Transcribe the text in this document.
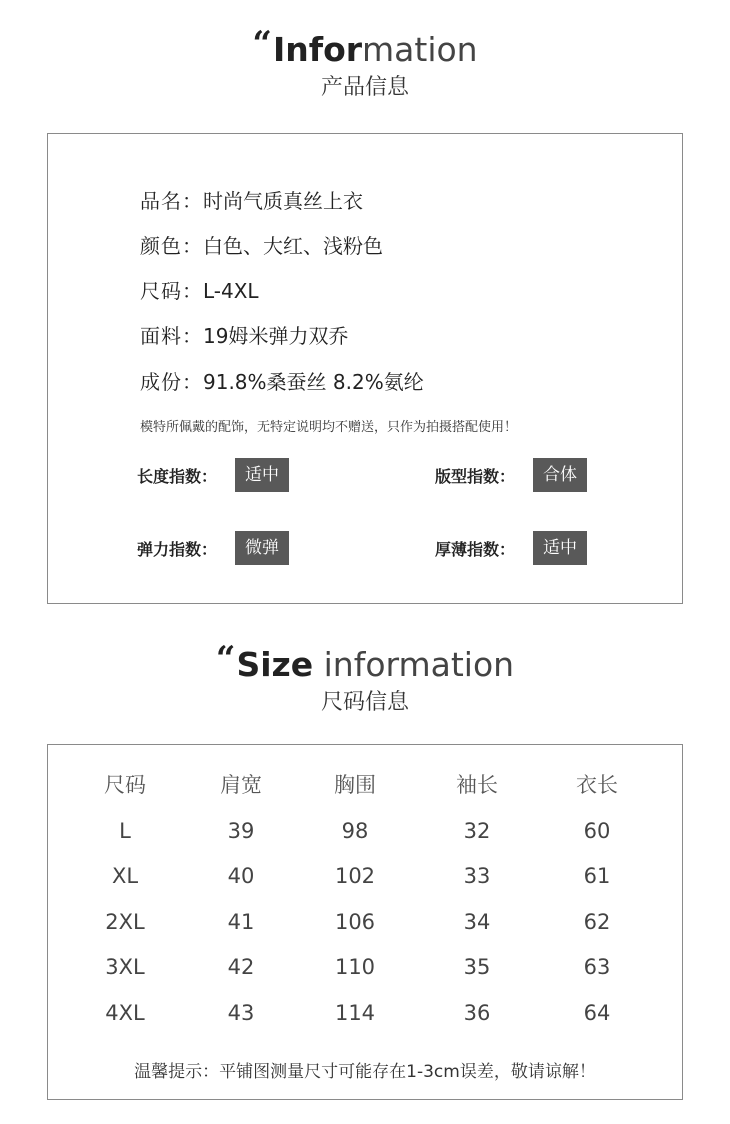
“Information
产品信息
品名：时尚气质真丝上衣
颜色：白色、大红、浅粉色
尺码：L-4XL
面料：19姆米弹力双乔
成份：91.8%桑蚕丝 8.2%氨纶
模特所佩戴的配饰，无特定说明均不赠送，只作为拍摄搭配使用！
长度指数：	适中	版型指数：	合体
弹力指数：	微弹	厚薄指数：	适中
“Size information
尺码信息
尺码	肩宽	胸围	袖长	衣长
L	39	98	32	60
XL	40	102	33	61
2XL	41	106	34	62
3XL	42	110	35	63
4XL	43	114	36	64
温馨提示：平铺图测量尺寸可能存在1-3cm误差，敬请谅解！
